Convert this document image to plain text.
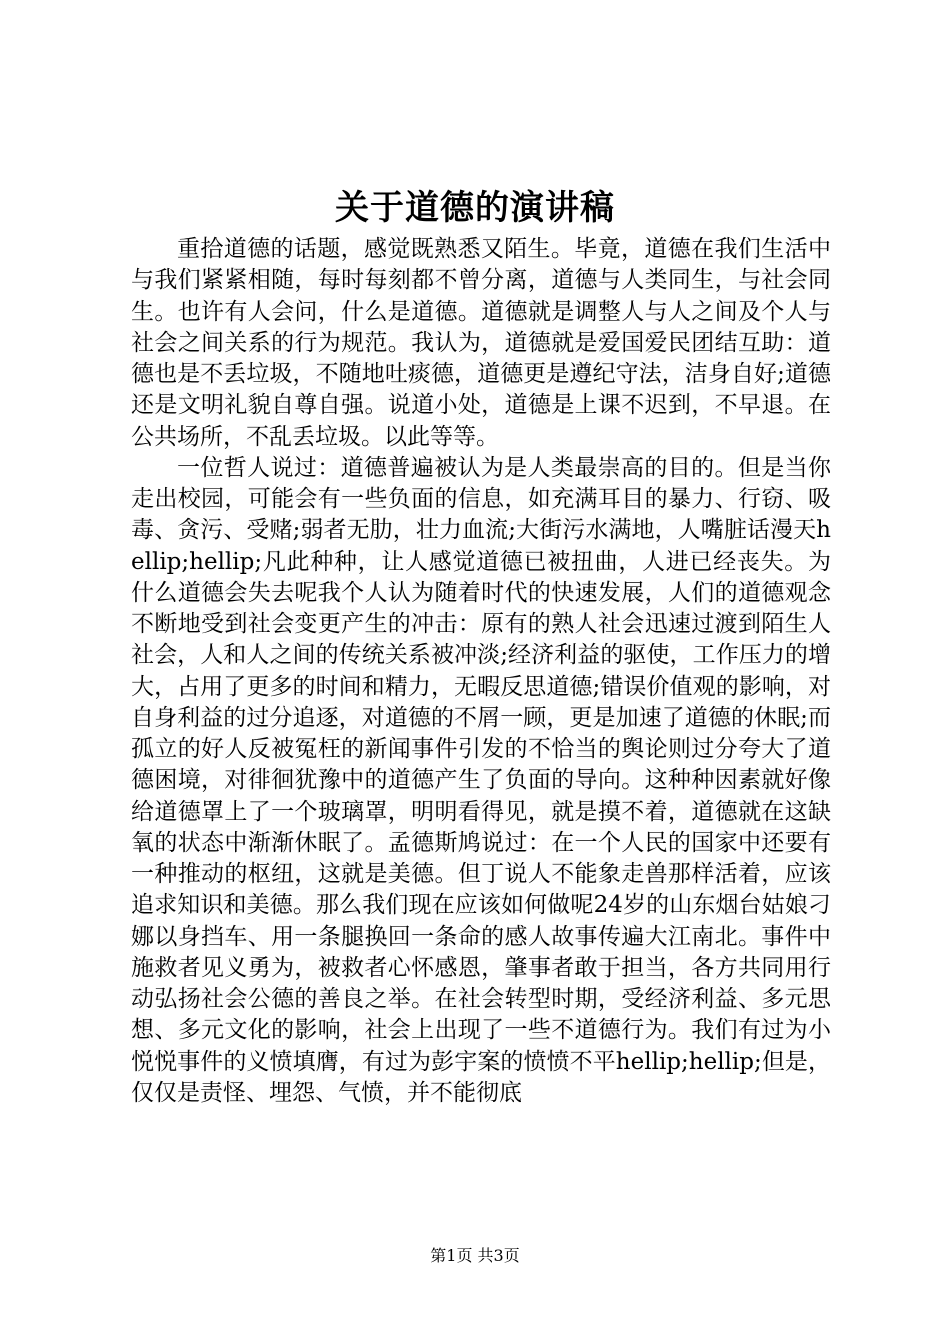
关于道德的演讲稿

重拾道德的话题，感觉既熟悉又陌生。毕竟，道德在我们生活中与我们紧紧相随，每时每刻都不曾分离，道德与人类同生，与社会同生。也许有人会问，什么是道德。道德就是调整人与人之间及个人与社会之间关系的行为规范。我认为，道德就是爱国爱民团结互助：道德也是不丢垃圾，不随地吐痰德，道德更是遵纪守法，洁身自好;道德还是文明礼貌自尊自强。说道小处，道德是上课不迟到，不早退。在公共场所，不乱丢垃圾。以此等等。

一位哲人说过：道德普遍被认为是人类最崇高的目的。但是当你走出校园，可能会有一些负面的信息，如充满耳目的暴力、行窃、吸毒、贪污、受赌;弱者无肋，壮力血流;大街污水满地，人嘴脏话漫天hellip;hellip;凡此种种，让人感觉道德已被扭曲，人进已经丧失。为什么道德会失去呢我个人认为随着时代的快速发展，人们的道德观念不断地受到社会变更产生的冲击：原有的熟人社会迅速过渡到陌生人社会，人和人之间的传统关系被冲淡;经济利益的驱使，工作压力的增大，占用了更多的时间和精力，无暇反思道德;错误价值观的影响，对自身利益的过分追逐，对道德的不屑一顾，更是加速了道德的休眠;而孤立的好人反被冤枉的新闻事件引发的不恰当的舆论则过分夸大了道德困境，对徘徊犹豫中的道德产生了负面的导向。这种种因素就好像给道德罩上了一个玻璃罩，明明看得见，就是摸不着，道德就在这缺氧的状态中渐渐休眠了。孟德斯鸠说过：在一个人民的国家中还要有一种推动的枢纽，这就是美德。但丁说人不能象走兽那样活着，应该追求知识和美德。那么我们现在应该如何做呢24岁的山东烟台姑娘刁娜以身挡车、用一条腿换回一条命的感人故事传遍大江南北。事件中施救者见义勇为，被救者心怀感恩，肇事者敢于担当，各方共同用行动弘扬社会公德的善良之举。在社会转型时期，受经济利益、多元思想、多元文化的影响，社会上出现了一些不道德行为。我们有过为小悦悦事件的义愤填膺，有过为彭宇案的愤愤不平hellip;hellip;但是，仅仅是责怪、埋怨、气愤，并不能彻底

第1页 共3页
